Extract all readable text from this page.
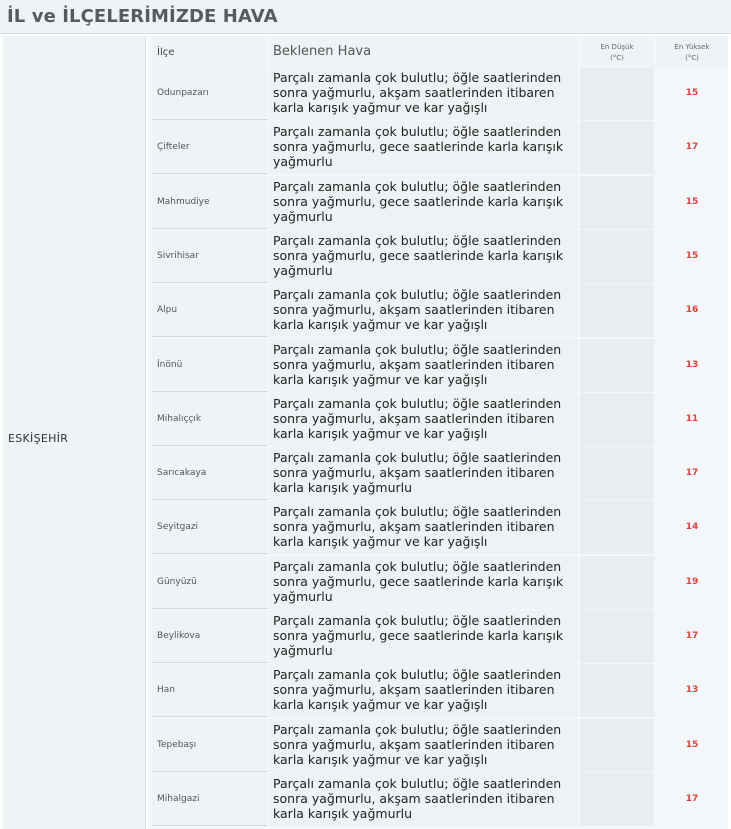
İL ve İLÇELERİMİZDE HAVA
ESKİŞEHİR
İlçe	Beklenen Hava	En Düşük
(°C)
En Yüksek
(°C)
Odunpazarı
Parçalı zamanla çok bulutlu; öğle saatlerinden sonra yağmurlu, akşam saatlerinden itibaren karla karışık yağmur ve kar yağışlı
15
Çifteler
Parçalı zamanla çok bulutlu; öğle saatlerinden sonra yağmurlu, gece saatlerinde karla karışık yağmurlu
17
Mahmudiye
Parçalı zamanla çok bulutlu; öğle saatlerinden sonra yağmurlu, gece saatlerinde karla karışık yağmurlu
15
Sivrihisar
Parçalı zamanla çok bulutlu; öğle saatlerinden sonra yağmurlu, gece saatlerinde karla karışık yağmurlu
15
Alpu
Parçalı zamanla çok bulutlu; öğle saatlerinden sonra yağmurlu, akşam saatlerinden itibaren karla karışık yağmur ve kar yağışlı
16
İnönü
Parçalı zamanla çok bulutlu; öğle saatlerinden sonra yağmurlu, akşam saatlerinden itibaren karla karışık yağmur ve kar yağışlı
13
Mihalıççık
Parçalı zamanla çok bulutlu; öğle saatlerinden sonra yağmurlu, akşam saatlerinden itibaren karla karışık yağmur ve kar yağışlı
11
Sarıcakaya
Parçalı zamanla çok bulutlu; öğle saatlerinden sonra yağmurlu, akşam saatlerinden itibaren karla karışık yağmurlu
17
Seyitgazi
Parçalı zamanla çok bulutlu; öğle saatlerinden sonra yağmurlu, akşam saatlerinden itibaren karla karışık yağmur ve kar yağışlı
14
Günyüzü
Parçalı zamanla çok bulutlu; öğle saatlerinden sonra yağmurlu, gece saatlerinde karla karışık yağmurlu
19
Beylikova
Parçalı zamanla çok bulutlu; öğle saatlerinden sonra yağmurlu, gece saatlerinde karla karışık yağmurlu
17
Han
Parçalı zamanla çok bulutlu; öğle saatlerinden sonra yağmurlu, akşam saatlerinden itibaren karla karışık yağmur ve kar yağışlı
13
Tepebaşı
Parçalı zamanla çok bulutlu; öğle saatlerinden sonra yağmurlu, akşam saatlerinden itibaren karla karışık yağmur ve kar yağışlı
15
Mihalgazi
Parçalı zamanla çok bulutlu; öğle saatlerinden sonra yağmurlu, akşam saatlerinden itibaren karla karışık yağmurlu
17
